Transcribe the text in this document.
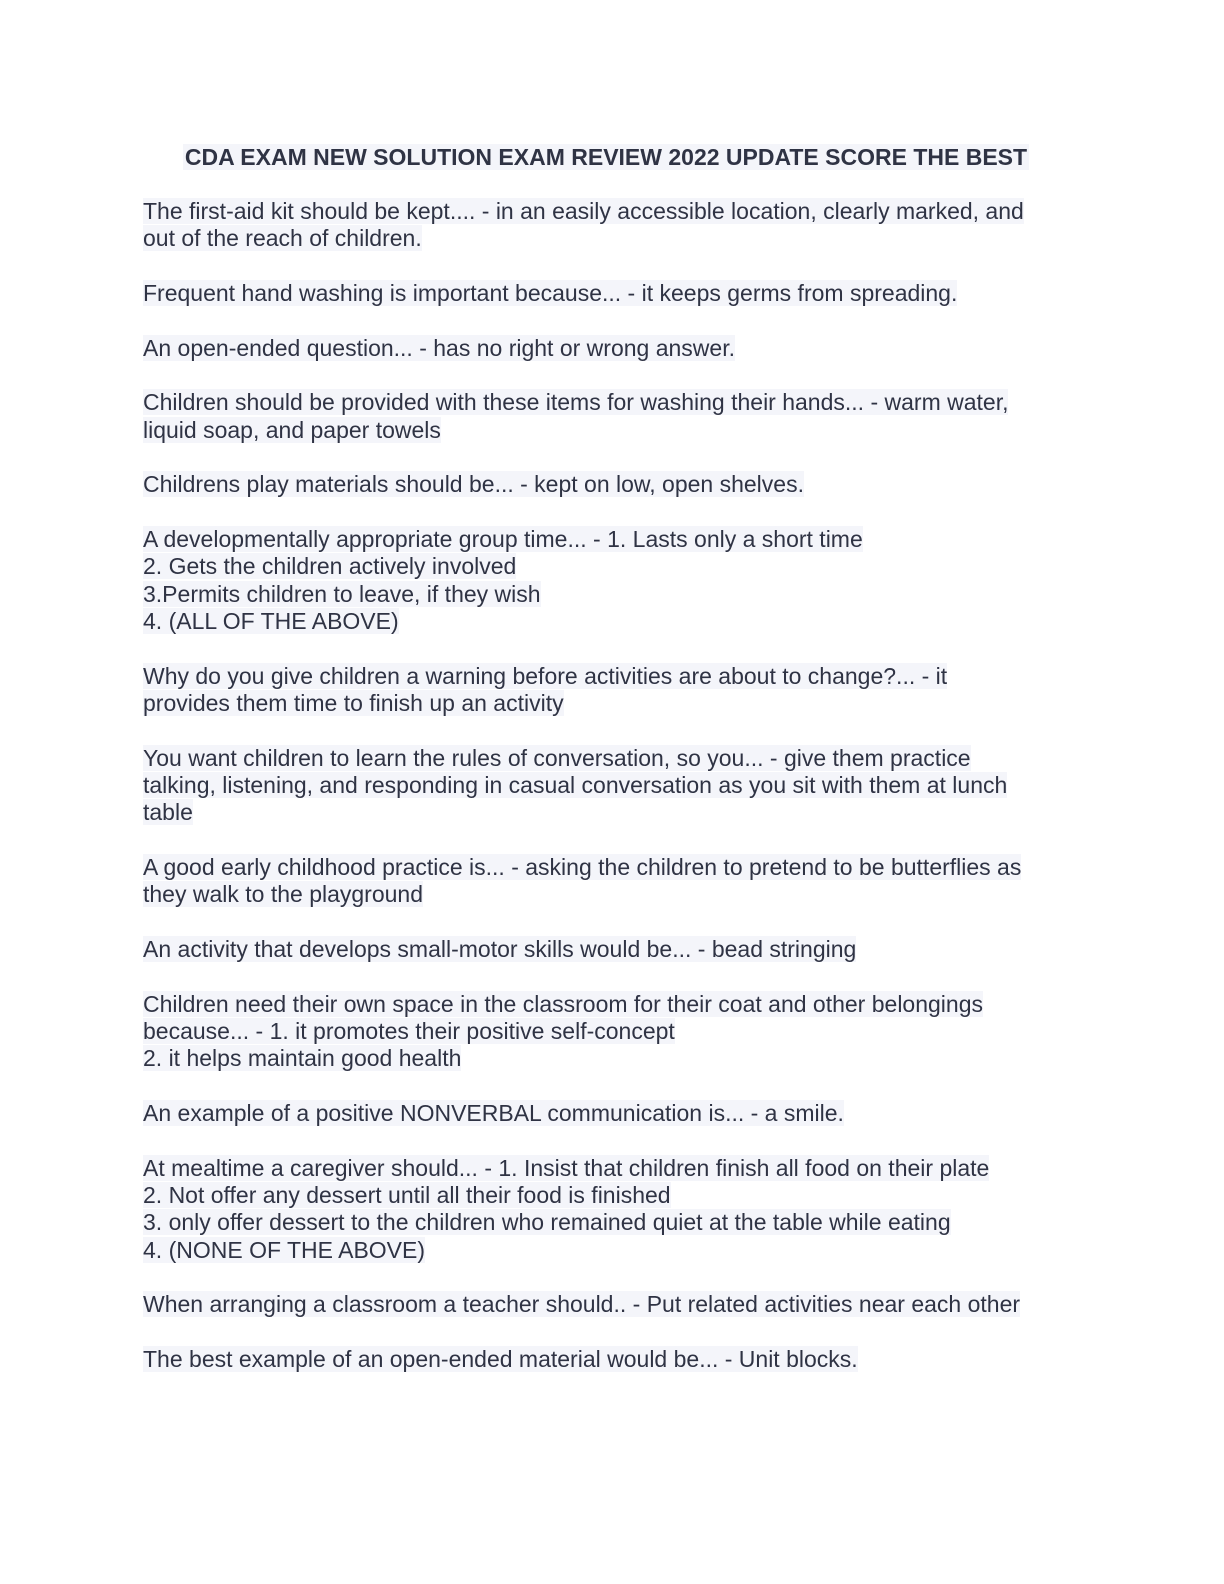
CDA EXAM NEW SOLUTION EXAM REVIEW 2022 UPDATE SCORE THE BEST
The first-aid kit should be kept.... - in an easily accessible location, clearly marked, and
out of the reach of children.
Frequent hand washing is important because... - it keeps germs from spreading.
An open-ended question... - has no right or wrong answer.
Children should be provided with these items for washing their hands... - warm water,
liquid soap, and paper towels
Childrens play materials should be... - kept on low, open shelves.
A developmentally appropriate group time... - 1. Lasts only a short time
2. Gets the children actively involved
3.Permits children to leave, if they wish
4. (ALL OF THE ABOVE)
Why do you give children a warning before activities are about to change?... - it
provides them time to finish up an activity
You want children to learn the rules of conversation, so you... - give them practice
talking, listening, and responding in casual conversation as you sit with them at lunch
table
A good early childhood practice is... - asking the children to pretend to be butterflies as
they walk to the playground
An activity that develops small-motor skills would be... - bead stringing
Children need their own space in the classroom for their coat and other belongings
because... - 1. it promotes their positive self-concept
2. it helps maintain good health
An example of a positive NONVERBAL communication is... - a smile.
At mealtime a caregiver should... - 1. Insist that children finish all food on their plate
2. Not offer any dessert until all their food is finished
3. only offer dessert to the children who remained quiet at the table while eating
4. (NONE OF THE ABOVE)
When arranging a classroom a teacher should.. - Put related activities near each other
The best example of an open-ended material would be... - Unit blocks.
